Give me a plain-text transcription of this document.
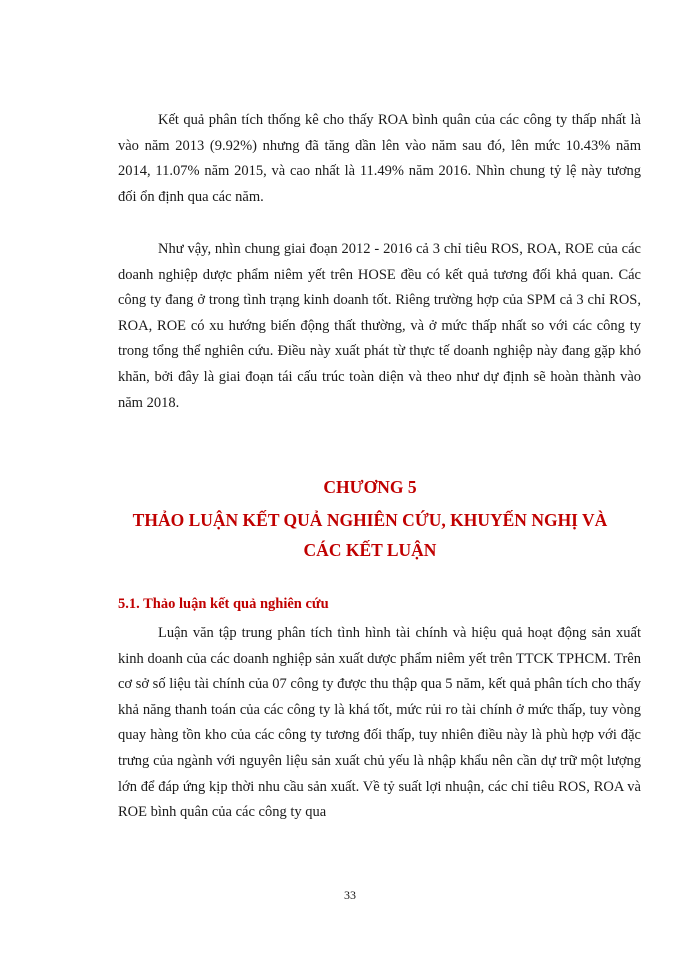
Kết quả phân tích thống kê cho thấy ROA bình quân của các công ty thấp nhất là vào năm 2013 (9.92%) nhưng đã tăng dần lên vào năm sau đó, lên mức 10.43% năm 2014, 11.07% năm 2015, và cao nhất là 11.49% năm 2016. Nhìn chung tỷ lệ này tương đối ổn định qua các năm.

Như vậy, nhìn chung giai đoạn 2012 - 2016 cả 3 chỉ tiêu ROS, ROA, ROE của các doanh nghiệp dược phẩm niêm yết trên HOSE đều có kết quả tương đối khả quan. Các công ty đang ở trong tình trạng kinh doanh tốt. Riêng trường hợp của SPM cả 3 chỉ ROS, ROA, ROE có xu hướng biến động thất thường, và ở mức thấp nhất so với các công ty trong tổng thể nghiên cứu. Điều này xuất phát từ thực tế doanh nghiệp này đang gặp khó khăn, bởi đây là giai đoạn tái cấu trúc toàn diện và theo như dự định sẽ hoàn thành vào năm 2018.

CHƯƠNG 5
THẢO LUẬN KẾT QUẢ NGHIÊN CỨU, KHUYẾN NGHỊ VÀ
CÁC KẾT LUẬN
5.1. Thảo luận kết quả nghiên cứu

Luận văn tập trung phân tích tình hình tài chính và hiệu quả hoạt động sản xuất kinh doanh của các doanh nghiệp sản xuất dược phẩm niêm yết trên TTCK TPHCM. Trên cơ sở số liệu tài chính của 07 công ty được thu thập qua 5 năm, kết quả phân tích cho thấy khả năng thanh toán của các công ty là khá tốt, mức rủi ro tài chính ở mức thấp, tuy vòng quay hàng tồn kho của các công ty tương đối thấp, tuy nhiên điều này là phù hợp với đặc trưng của ngành với nguyên liệu sản xuất chủ yếu là nhập khẩu nên cần dự trữ một lượng lớn để đáp ứng kịp thời nhu cầu sản xuất. Về tỷ suất lợi nhuận, các chỉ tiêu ROS, ROA và ROE bình quân của các công ty qua

33
